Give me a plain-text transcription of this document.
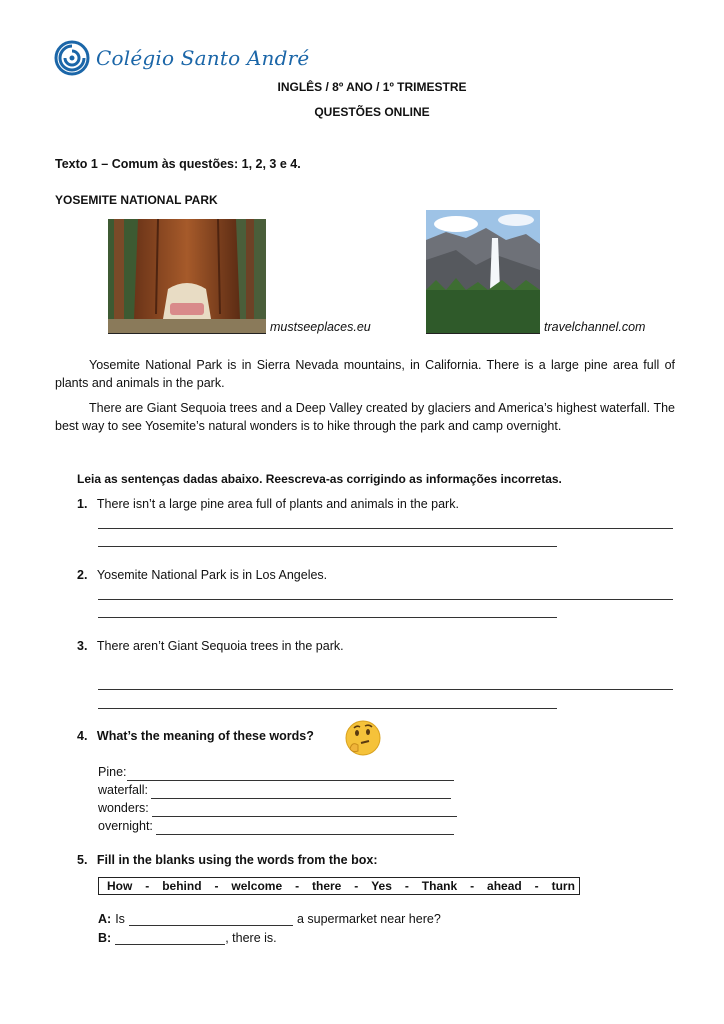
Colégio Santo André
INGLÊS / 8º ANO / 1º TRIMESTRE
QUESTÕES ONLINE
Texto 1 – Comum às questões: 1, 2, 3 e 4.
YOSEMITE NATIONAL PARK
mustseeplaces.eu	travelchannel.com
Yosemite National Park is in Sierra Nevada mountains, in California. There is a large pine area full of plants and animals in the park.
There are Giant Sequoia trees and a Deep Valley created by glaciers and America’s highest waterfall. The best way to see Yosemite’s natural wonders is to hike through the park and camp overnight.
Leia as sentenças dadas abaixo. Reescreva-as corrigindo as informações incorretas.
1. There isn’t a large pine area full of plants and animals in the park.
2. Yosemite National Park is in Los Angeles.
3. There aren’t Giant Sequoia trees in the park.
4. What’s the meaning of these words?
Pine:
waterfall:
wonders:
overnight:
5. Fill in the blanks using the words from the box:
How - behind - welcome - there - Yes - Thank - ahead - turn
A: Is	a supermarket near here?
B:	, there is.
